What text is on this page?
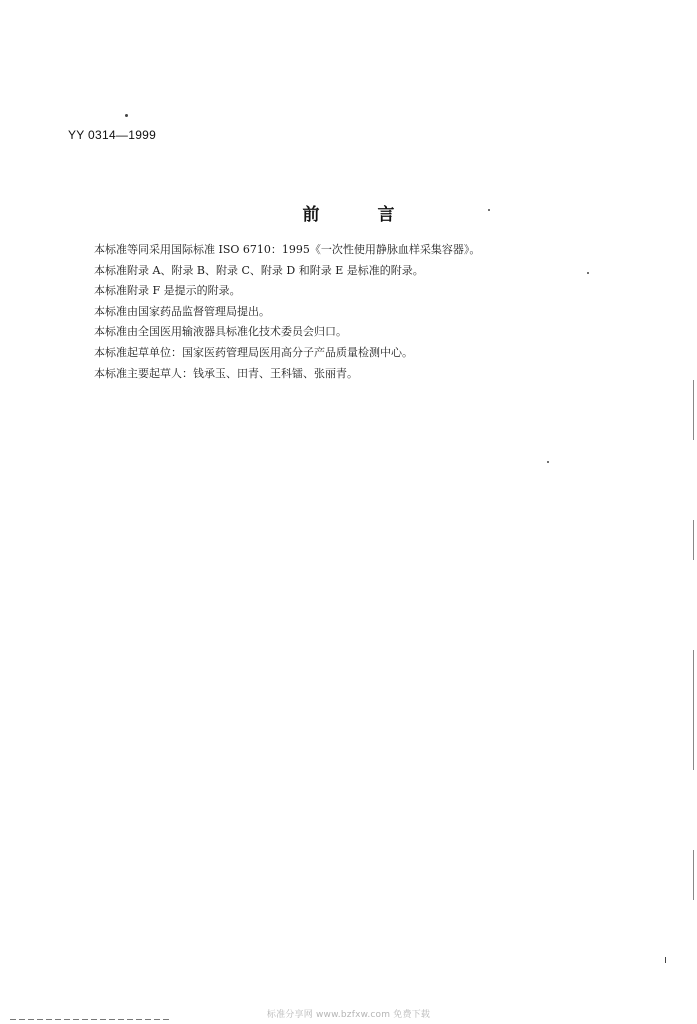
YY 0314—1999
前言
本标准等同采用国际标准 ISO 6710：1995《一次性使用静脉血样采集容器》。
本标准附录 A、附录 B、附录 C、附录 D 和附录 E 是标准的附录。
本标准附录 F 是提示的附录。
本标准由国家药品监督管理局提出。
本标准由全国医用输液器具标准化技术委员会归口。
本标准起草单位：国家医药管理局医用高分子产品质量检测中心。
本标准主要起草人：钱承玉、田青、王科镭、张丽青。
标准分享网 www.bzfxw.com 免费下载
